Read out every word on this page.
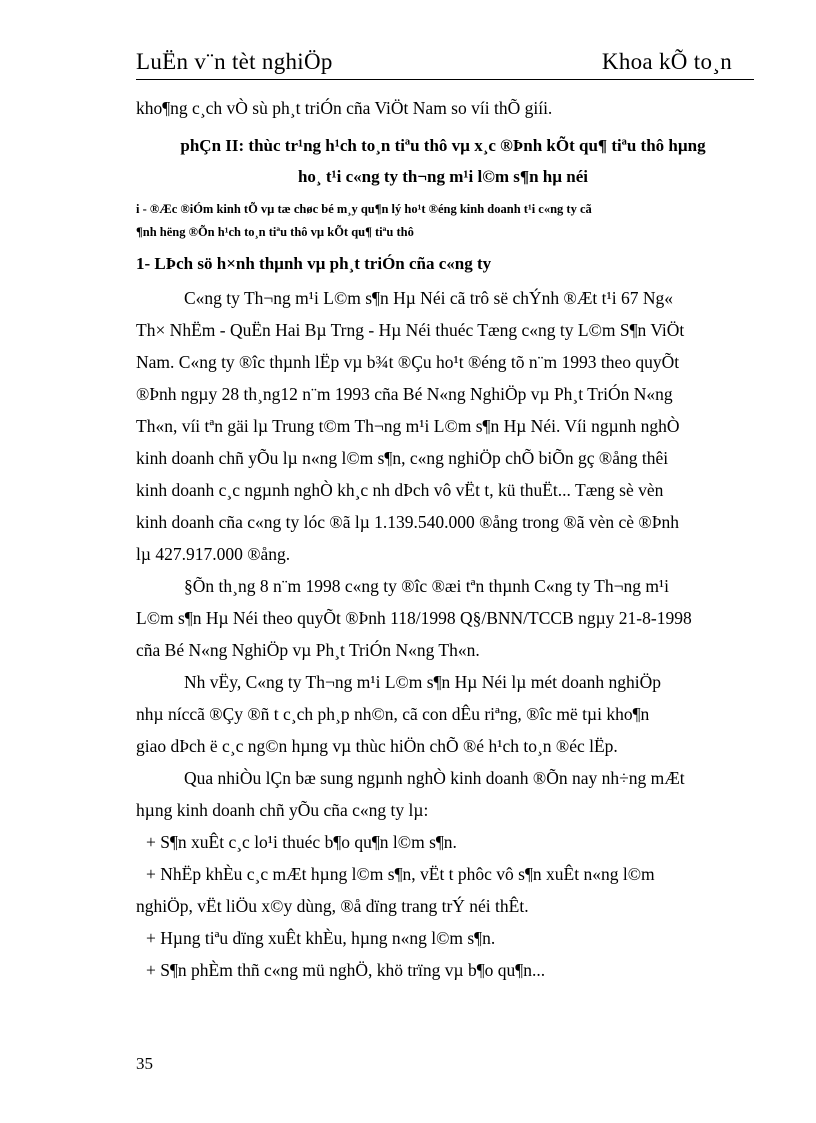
LuËn v¨n tèt nghiÖp	Khoa kÕ to¸n

kho¶ng c¸ch vÒ sù ph¸t triÓn cña ViÖt Nam so víi thÕ giíi.

phÇn II: thùc tr¹ng h¹ch to¸n tiªu thô vµ x¸c ®Þnh kÕt qu¶ tiªu thô hµng

ho¸ t¹i c«ng ty th¬ng m¹i l©m s¶n hµ néi

i - ®Æc ®iÓm kinh tÕ vµ tæ chøc bé m¸y qu¶n lý ho¹t ®éng kinh doanh t¹i c«ng ty cã

¶nh hëng ®Õn h¹ch to¸n tiªu thô vµ kÕt qu¶ tiªu thô

1- LÞch sö h×nh thµnh vµ ph¸t triÓn cña c«ng ty

C«ng ty Th¬ng m¹i L©m s¶n Hµ Néi cã trô së chÝnh ®Æt t¹i 67 Ng«
Th× NhËm - QuËn Hai Bµ Trng - Hµ Néi thuéc Tæng c«ng ty L©m S¶n ViÖt
Nam. C«ng ty ®îc thµnh lËp vµ b¾t ®Çu ho¹t ®éng tõ n¨m 1993 theo quyÕt
®Þnh ngµy 28 th¸ng12 n¨m 1993 cña Bé N«ng NghiÖp vµ Ph¸t TriÓn N«ng
Th«n, víi tªn gäi lµ Trung t©m Th¬ng m¹i L©m s¶n Hµ Néi. Víi ngµnh nghÒ
kinh doanh chñ yÕu lµ n«ng l©m s¶n, c«ng nghiÖp chÕ biÕn gç ®ång thêi
kinh doanh c¸c ngµnh nghÒ kh¸c nh dÞch vô vËt t, kü thuËt... Tæng sè vèn
kinh doanh cña c«ng ty lóc ®ã lµ 1.139.540.000 ®ång trong ®ã vèn cè ®Þnh
lµ 427.917.000 ®ång.
§Õn th¸ng 8 n¨m 1998 c«ng ty ®îc ®æi tªn thµnh C«ng ty Th¬ng m¹i
L©m s¶n Hµ Néi theo quyÕt ®Þnh 118/1998 Q§/BNN/TCCB ngµy 21-8-1998
cña Bé N«ng NghiÖp vµ Ph¸t TriÓn N«ng Th«n.
Nh vËy, C«ng ty Th¬ng m¹i L©m s¶n Hµ Néi lµ mét doanh nghiÖp
nhµ níccã ®Çy ®ñ t c¸ch ph¸p nh©n, cã con dÊu riªng, ®îc më tµi kho¶n
giao dÞch ë c¸c ng©n hµng vµ thùc hiÖn chÕ ®é h¹ch to¸n ®éc lËp.
Qua nhiÒu lÇn bæ sung ngµnh nghÒ kinh doanh ®Õn nay nh÷ng mÆt
hµng kinh doanh chñ yÕu cña c«ng ty lµ:
+ S¶n xuÊt c¸c lo¹i thuéc b¶o qu¶n l©m s¶n.
+ NhËp khÈu c¸c mÆt hµng l©m s¶n, vËt t phôc vô s¶n xuÊt n«ng l©m
nghiÖp, vËt liÖu x©y dùng, ®å dïng trang trÝ néi thÊt.
+ Hµng tiªu dïng xuÊt khÈu, hµng n«ng l©m s¶n.
+ S¶n phÈm thñ c«ng mü nghÖ, khö trïng vµ b¶o qu¶n...
35
